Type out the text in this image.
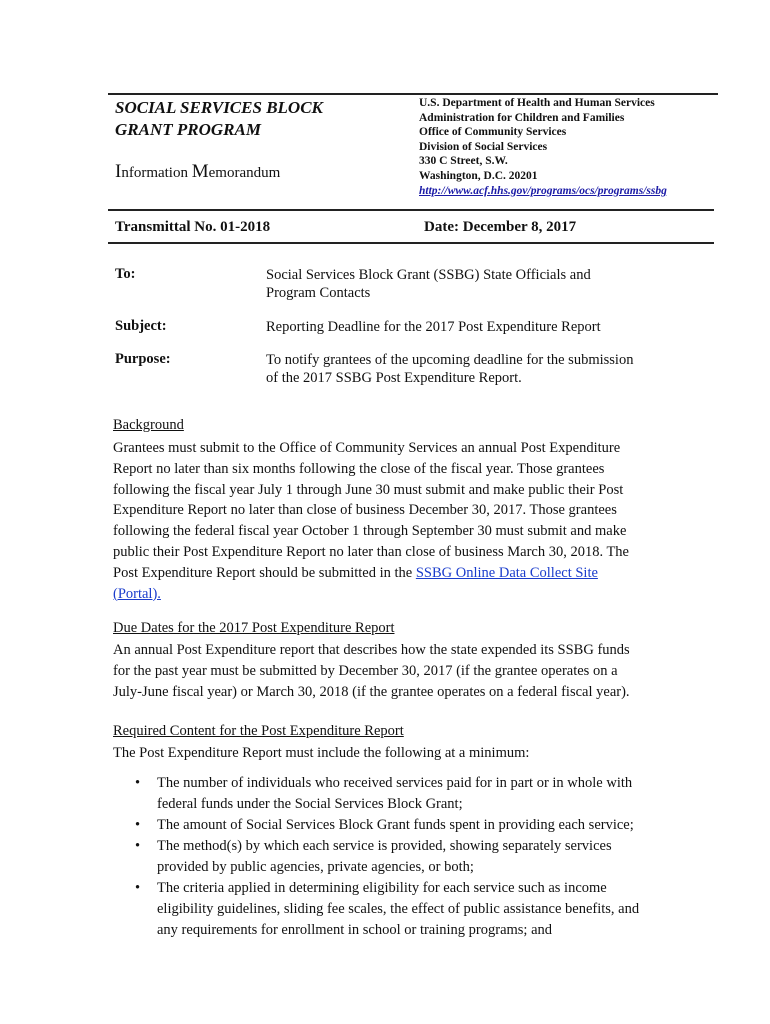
SOCIAL SERVICES BLOCK
GRANT PROGRAM
Information Memorandum
U.S. Department of Health and Human Services
Administration for Children and Families
Office of Community Services
Division of Social Services
330 C Street, S.W.
Washington, D.C. 20201
http://www.acf.hhs.gov/programs/ocs/programs/ssbg
Transmittal No. 01-2018	Date: December 8, 2017
To:	Social Services Block Grant (SSBG) State Officials and
Program Contacts
Subject:	Reporting Deadline for the 2017 Post Expenditure Report
Purpose:	To notify grantees of the upcoming deadline for the submission
of the 2017 SSBG Post Expenditure Report.
Background
Grantees must submit to the Office of Community Services an annual Post Expenditure
Report no later than six months following the close of the fiscal year. Those grantees
following the fiscal year July 1 through June 30 must submit and make public their Post
Expenditure Report no later than close of business December 30, 2017. Those grantees
following the federal fiscal year October 1 through September 30 must submit and make
public their Post Expenditure Report no later than close of business March 30, 2018. The
Post Expenditure Report should be submitted in the SSBG Online Data Collect Site
(Portal).
Due Dates for the 2017 Post Expenditure Report
An annual Post Expenditure report that describes how the state expended its SSBG funds
for the past year must be submitted by December 30, 2017 (if the grantee operates on a
July-June fiscal year) or March 30, 2018 (if the grantee operates on a federal fiscal year).
Required Content for the Post Expenditure Report
The Post Expenditure Report must include the following at a minimum:
• The number of individuals who received services paid for in part or in whole with
federal funds under the Social Services Block Grant;
• The amount of Social Services Block Grant funds spent in providing each service;
• The method(s) by which each service is provided, showing separately services
provided by public agencies, private agencies, or both;
• The criteria applied in determining eligibility for each service such as income
eligibility guidelines, sliding fee scales, the effect of public assistance benefits, and
any requirements for enrollment in school or training programs; and
